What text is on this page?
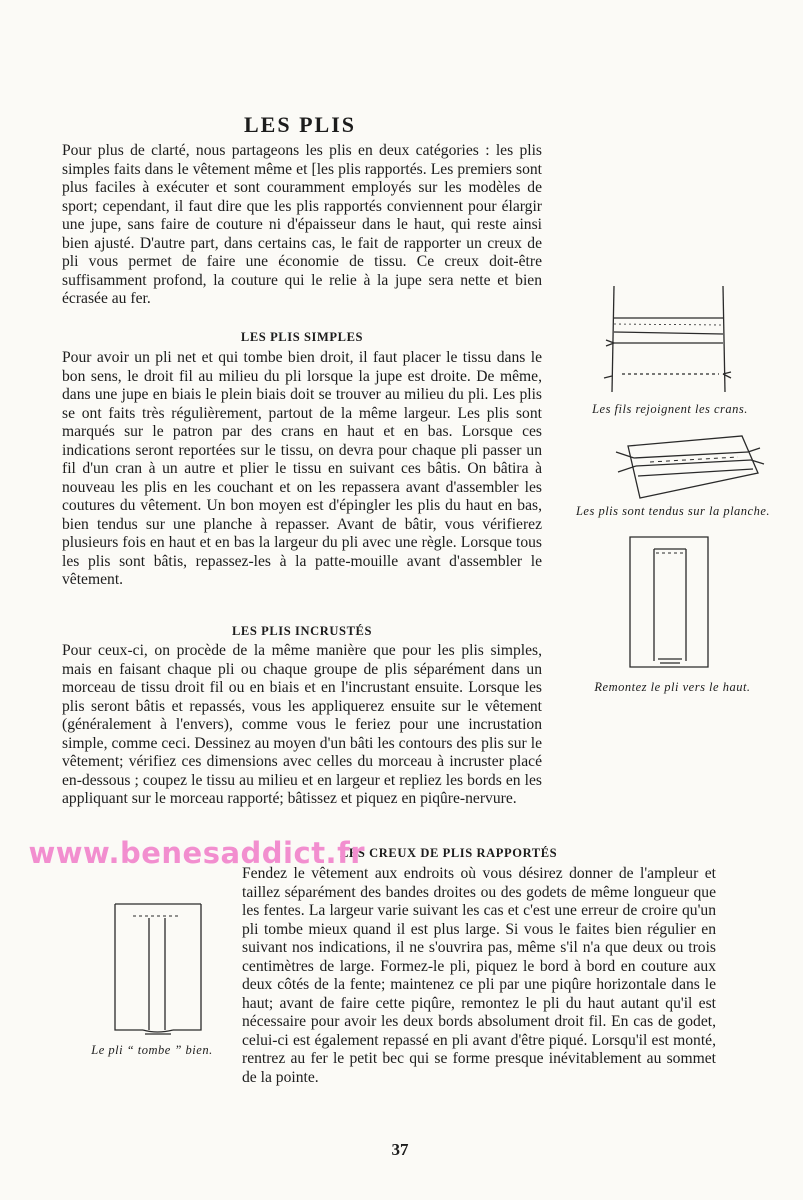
LES PLIS

Pour plus de clarté, nous partageons les plis en deux catégories : les plis simples faits dans le vêtement même et [les plis rapportés. Les premiers sont plus faciles à exécuter et sont couramment employés sur les modèles de sport; cependant, il faut dire que les plis rapportés conviennent pour élargir une jupe, sans faire de couture ni d'épaisseur dans le haut, qui reste ainsi bien ajusté. D'autre part, dans certains cas, le fait de rapporter un creux de pli vous permet de faire une économie de tissu. Ce creux doit-être suffisamment profond, la couture qui le relie à la jupe sera nette et bien écrasée au fer.

LES PLIS SIMPLES

Pour avoir un pli net et qui tombe bien droit, il faut placer le tissu dans le bon sens, le droit fil au milieu du pli lorsque la jupe est droite. De même, dans une jupe en biais le plein biais doit se trouver au milieu du pli. Les plis se ont faits très régulièrement, partout de la même largeur. Les plis sont marqués sur le patron par des crans en haut et en bas. Lorsque ces indications seront reportées sur le tissu, on devra pour chaque pli passer un fil d'un cran à un autre et plier le tissu en suivant ces bâtis. On bâtira à nouveau les plis en les couchant et on les repassera avant d'assembler les coutures du vêtement. Un bon moyen est d'épingler les plis du haut en bas, bien tendus sur une planche à repasser. Avant de bâtir, vous vérifierez plusieurs fois en haut et en bas la largeur du pli avec une règle. Lorsque tous les plis sont bâtis, repassez-les à la patte-mouille avant d'assembler le vêtement.

LES PLIS INCRUSTÉS

Pour ceux-ci, on procède de la même manière que pour les plis simples, mais en faisant chaque pli ou chaque groupe de plis séparément dans un morceau de tissu droit fil ou en biais et en l'incrustant ensuite. Lorsque les plis seront bâtis et repassés, vous les appliquerez ensuite sur le vêtement (généralement à l'envers), comme vous le feriez pour une incrustation simple, comme ceci. Dessinez au moyen d'un bâti les contours des plis sur le vêtement; vérifiez ces dimensions avec celles du morceau à incruster placé en-dessous ; coupez le tissu au milieu et en largeur et repliez les bords en les appliquant sur le morceau rapporté; bâtissez et piquez en piqûre-nervure.

LES CREUX DE PLIS RAPPORTÉS

Fendez le vêtement aux endroits où vous désirez donner de l'ampleur et taillez séparément des bandes droites ou des godets de même longueur que les fentes. La largeur varie suivant les cas et c'est une erreur de croire qu'un pli tombe mieux quand il est plus large. Si vous le faites bien régulier en suivant nos indications, il ne s'ouvrira pas, même s'il n'a que deux ou trois centimètres de large. Formez-le pli, piquez le bord à bord en couture aux deux côtés de la fente; maintenez ce pli par une piqûre horizontale dans le haut; avant de faire cette piqûre, remontez le pli du haut autant qu'il est nécessaire pour avoir les deux bords absolument droit fil. En cas de godet, celui-ci est également repassé en pli avant d'être piqué. Lorsqu'il est monté, rentrez au fer le petit bec qui se forme presque inévitablement au sommet de la pointe.

Les fils rejoignent les crans.
Les plis sont tendus sur la planche.
Remontez le pli vers le haut.
Le pli “ tombe ” bien.
www.benesaddict.fr
37
